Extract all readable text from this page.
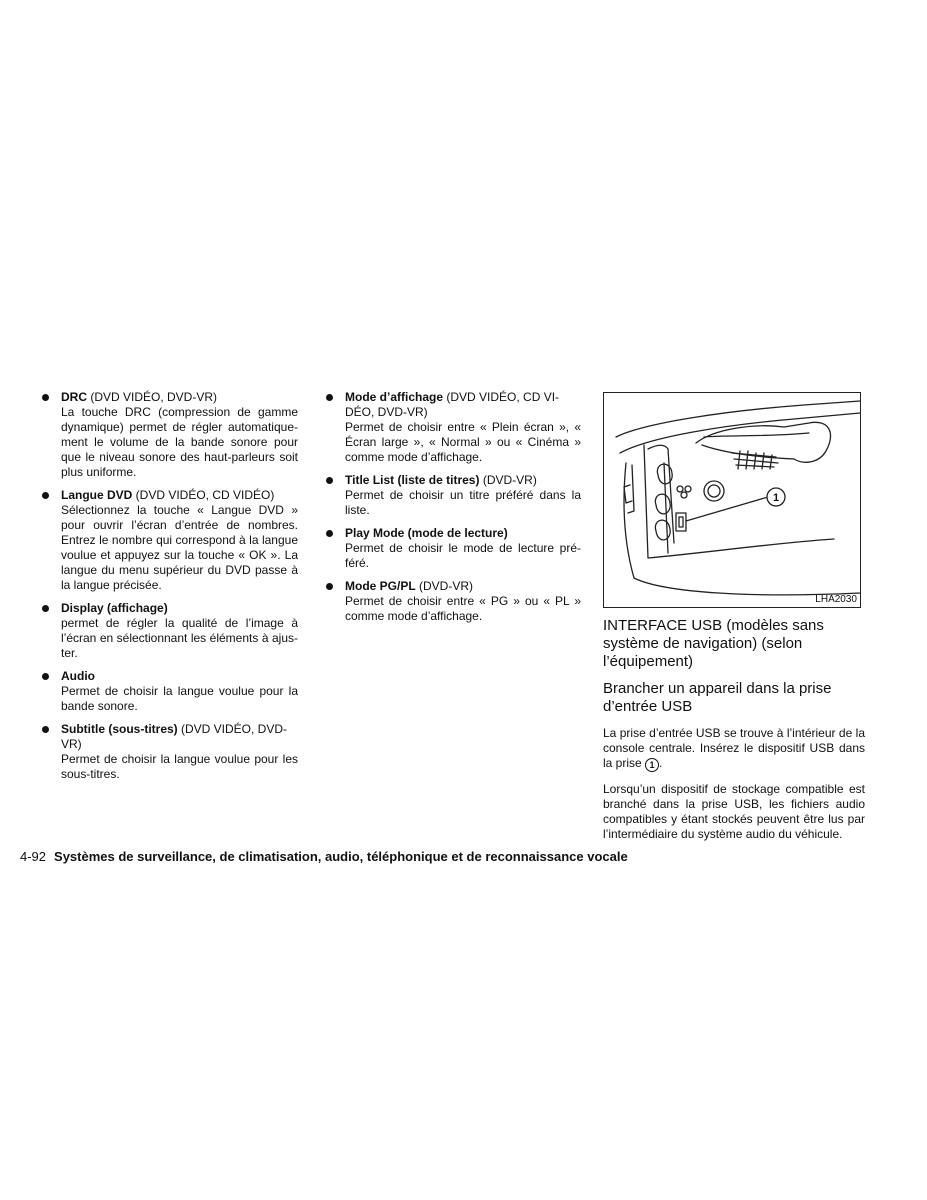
DRC (DVD VIDÉO, DVD-VR)
La touche DRC (compression de gamme dynamique) permet de régler automatique-ment le volume de la bande sonore pour que le niveau sonore des haut-parleurs soit plus uniforme.
Langue DVD (DVD VIDÉO, CD VIDÉO)
Sélectionnez la touche « Langue DVD » pour ouvrir l’écran d’entrée de nombres. Entrez le nombre qui correspond à la langue voulue et appuyez sur la touche « OK ». La langue du menu supérieur du DVD passe à la langue précisée.
Display (affichage)
permet de régler la qualité de l’image à l’écran en sélectionnant les éléments à ajus-ter.
Audio
Permet de choisir la langue voulue pour la bande sonore.
Subtitle (sous-titres) (DVD VIDÉO, DVD-VR)
Permet de choisir la langue voulue pour les sous-titres.
Mode d’affichage (DVD VIDÉO, CD VI-DÉO, DVD-VR)
Permet de choisir entre « Plein écran », « Écran large », « Normal » ou « Cinéma » comme mode d’affichage.
Title List (liste de titres) (DVD-VR)
Permet de choisir un titre préféré dans la liste.
Play Mode (mode de lecture)
Permet de choisir le mode de lecture pré-féré.
Mode PG/PL (DVD-VR)
Permet de choisir entre « PG » ou « PL » comme mode d’affichage.
1
LHA2030
INTERFACE USB (modèles sans système de navigation) (selon l’équipement)
Brancher un appareil dans la prise d’entrée USB

La prise d’entrée USB se trouve à l’intérieur de la console centrale. Insérez le dispositif USB dans la prise 1 .

Lorsqu’un dispositif de stockage compatible est branché dans la prise USB, les fichiers audio compatibles y étant stockés peuvent être lus par l’intermédiaire du système audio du véhicule.

4-92 Systèmes de surveillance, de climatisation, audio, téléphonique et de reconnaissance vocale
